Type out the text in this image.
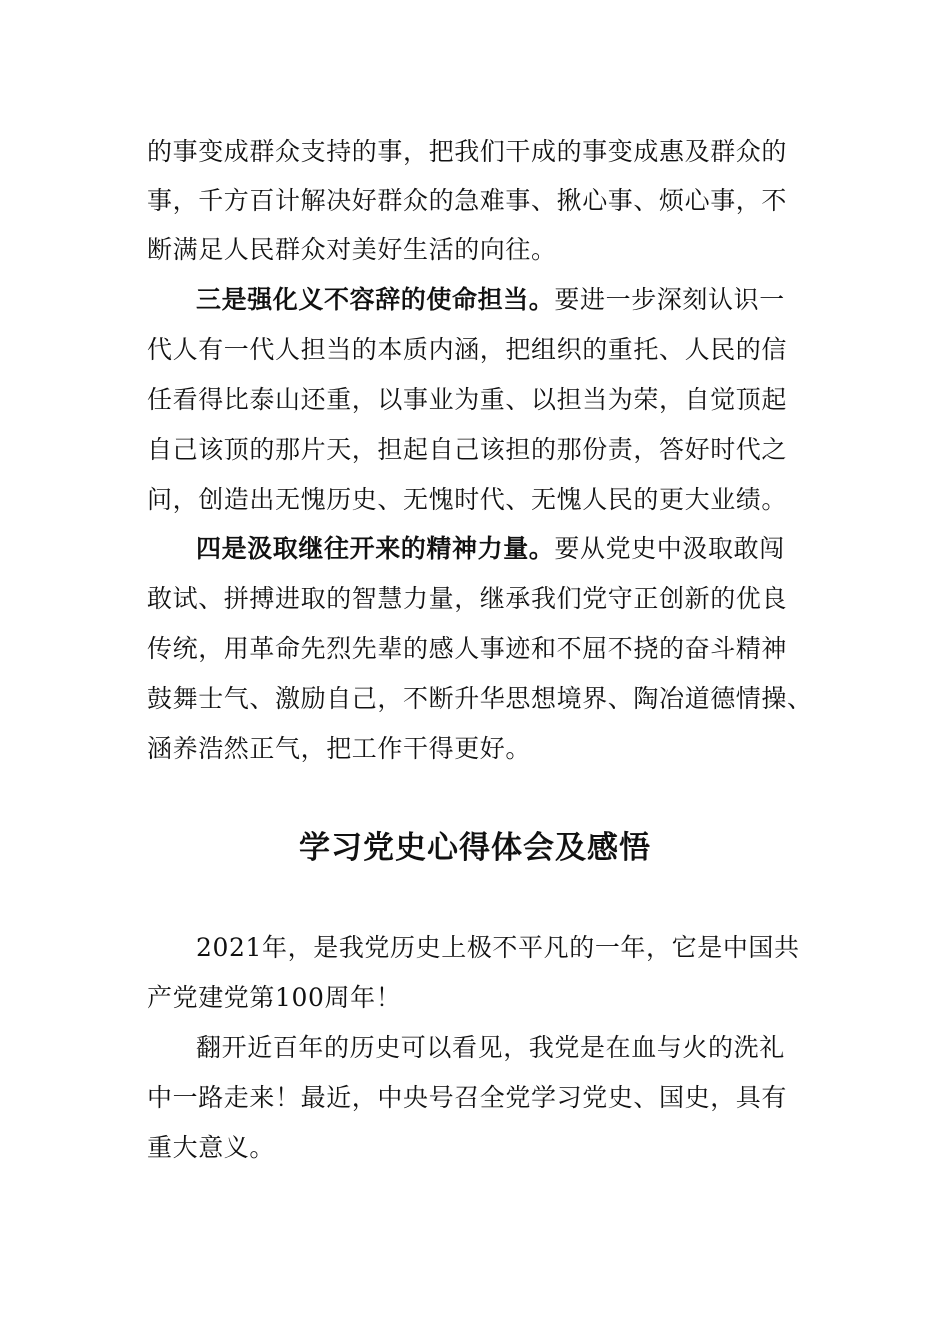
的事变成群众支持的事，把我们干成的事变成惠及群众的
事，千方百计解决好群众的急难事、揪心事、烦心事，不
断满足人民群众对美好生活的向往。
三是强化义不容辞的使命担当。要进一步深刻认识一
代人有一代人担当的本质内涵，把组织的重托、人民的信
任看得比泰山还重，以事业为重、以担当为荣，自觉顶起
自己该顶的那片天，担起自己该担的那份责，答好时代之
问，创造出无愧历史、无愧时代、无愧人民的更大业绩。
四是汲取继往开来的精神力量。要从党史中汲取敢闯
敢试、拼搏进取的智慧力量，继承我们党守正创新的优良
传统，用革命先烈先辈的感人事迹和不屈不挠的奋斗精神
鼓舞士气、激励自己，不断升华思想境界、陶冶道德情操、
涵养浩然正气，把工作干得更好。
学习党史心得体会及感悟
2021年，是我党历史上极不平凡的一年，它是中国共
产党建党第100周年！
翻开近百年的历史可以看见，我党是在血与火的洗礼
中一路走来！最近，中央号召全党学习党史、国史，具有
重大意义。
